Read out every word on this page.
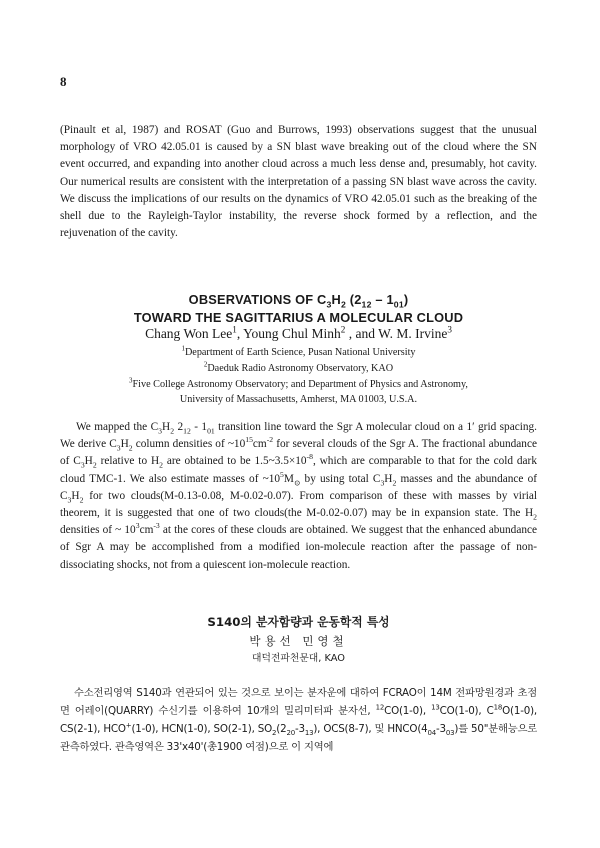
8
(Pinault et al, 1987) and ROSAT (Guo and Burrows, 1993) observations suggest that the unusual morphology of VRO 42.05.01 is caused by a SN blast wave breaking out of the cloud where the SN event occurred, and expanding into another cloud across a much less dense and, presumably, hot cavity. Our numerical results are consistent with the interpretation of a passing SN blast wave across the cavity. We discuss the implications of our results on the dynamics of VRO 42.05.01 such as the breaking of the shell due to the Rayleigh-Taylor instability, the reverse shock formed by a reflection, and the rejuvenation of the cavity.
OBSERVATIONS OF $C_3H_2$ $(2_{12} - 1_{01})$
TOWARD THE SAGITTARIUS A MOLECULAR CLOUD
Chang Won Lee$^1$, Young Chul Minh$^2$ , and W. M. Irvine$^3$
$^1$Department of Earth Science, Pusan National University
$^2$Daeduk Radio Astronomy Observatory, KAO
$^3$Five College Astronomy Observatory; and Department of Physics and Astronomy,
University of Massachusetts, Amherst, MA 01003, U.S.A.
We mapped the $C_3H_2$ $2_{12} - 1_{01}$ transition line toward the Sgr A molecular cloud on a 1′ grid spacing. We derive $C_3H_2$ column densities of $\sim 10^{15}cm^{-2}$ for several clouds of the Sgr A. The fractional abundance of $C_3H_2$ relative to $H_2$ are obtained to be $1.5\sim 3.5\times 10^{-8}$, which are comparable to that for the cold dark cloud TMC-1. We also estimate masses of $\sim 10^5M_⊙$ by using total $C_3H_2$ masses and the abundance of $C_3H_2$ for two clouds(M-0.13-0.08, M-0.02-0.07). From comparison of these with masses by virial theorem, it is suggested that one of two clouds(the M-0.02-0.07) may be in expansion state. The $H_2$ densities of ~ $10^3cm^{-3}$ at the cores of these clouds are obtained. We suggest that the enhanced abundance of Sgr A may be accomplished from a modified ion-molecule reaction after the passage of non-dissociating shocks, not from a quiescent ion-molecule reaction.
S140의 분자함량과 운동학적 특성
박용선 민영철
대덕전파천문대, KAO
수소전리영역 S140과 연관되어 있는 것으로 보이는 분자운에 대하여 FCRAO이 14M 전파망원경과 초점면 어레이(QUARRY) 수신기를 이용하여 10개의 밀리미터파 분자선, $^{12}$CO(1-0), $^{13}$CO(1-0), $C^{18}O(1-0)$, CS(2-1), HCO+(1-0), HCN(1-0), SO(2-1), $SO_2(2_{20}-3_{13})$, OCS(8-7), 및 $HNCO(4_{04}-3_{03})$를 50"분해능으로 관측하였다. 관측영역은 33'x40'(총1900 여점)으로 이 지역에
